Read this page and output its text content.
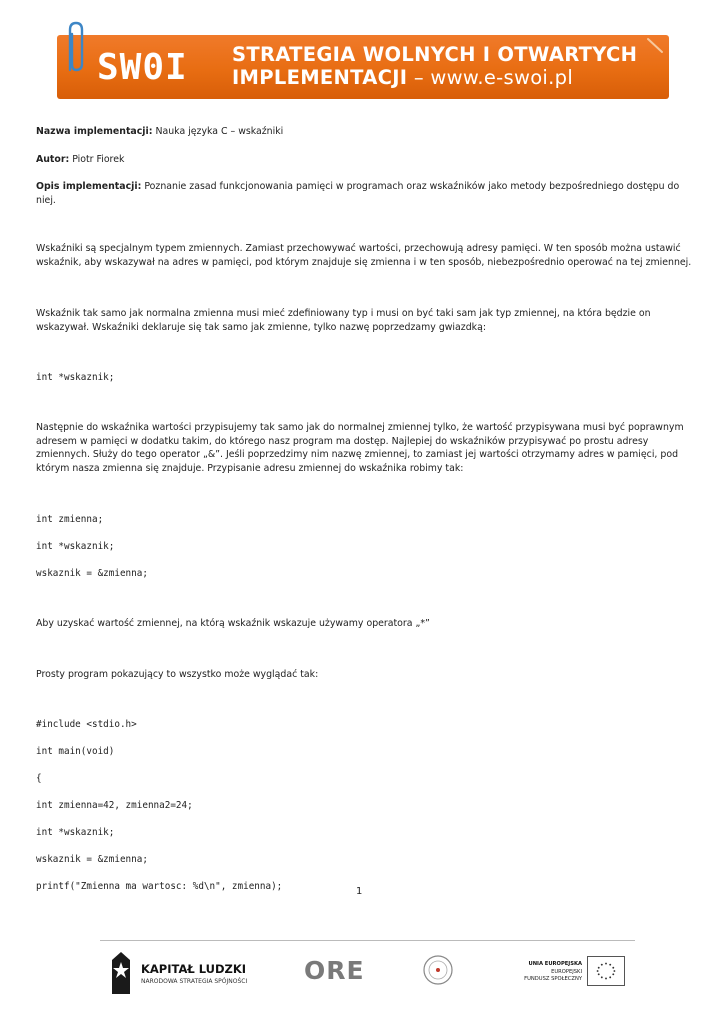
SW0I STRATEGIA WOLNYCH I OTWARTYCH
IMPLEMENTACJI – www.e-swoi.pl

Nazwa implementacji: Nauka języka C – wskaźniki

Autor: Piotr Fiorek

Opis implementacji: Poznanie zasad funkcjonowania pamięci w programach oraz wskaźników jako metody bezpośredniego dostępu do niej.

Wskaźniki są specjalnym typem zmiennych. Zamiast przechowywać wartości, przechowują adresy pamięci. W ten sposób można ustawić wskaźnik, aby wskazywał na adres w pamięci, pod którym znajduje się zmienna i w ten sposób, niebezpośrednio operować na tej zmiennej.

Wskaźnik tak samo jak normalna zmienna musi mieć zdefiniowany typ i musi on być taki sam jak typ zmiennej, na która będzie on wskazywał. Wskaźniki deklaruje się tak samo jak zmienne, tylko nazwę poprzedzamy gwiazdką:

int *wskaznik;

Następnie do wskaźnika wartości przypisujemy tak samo jak do normalnej zmiennej tylko, że wartość przypisywana musi być poprawnym adresem w pamięci w dodatku takim, do którego nasz program ma dostęp. Najlepiej do wskaźników przypisywać po prostu adresy zmiennych. Służy do tego operator „&”. Jeśli poprzedzimy nim nazwę zmiennej, to zamiast jej wartości otrzymamy adres w pamięci, pod którym nasza zmienna się znajduje. Przypisanie adresu zmiennej do wskaźnika robimy tak:

int zmienna;

int *wskaznik;

wskaznik = &zmienna;

Aby uzyskać wartość zmiennej, na którą wskaźnik wskazuje używamy operatora „*”

Prosty program pokazujący to wszystko może wyglądać tak:

#include <stdio.h>

int main(void)

{

int zmienna=42, zmienna2=24;

int *wskaznik;

wskaznik = &zmienna;

printf("Zmienna ma wartosc: %d\n", zmienna);	1
KAPITAŁ LUDZKI
NARODOWA STRATEGIA SPÓJNOŚCI ORE	UNIA EUROPEJSKA
EUROPEJSKI
FUNDUSZ SPOŁECZNY
